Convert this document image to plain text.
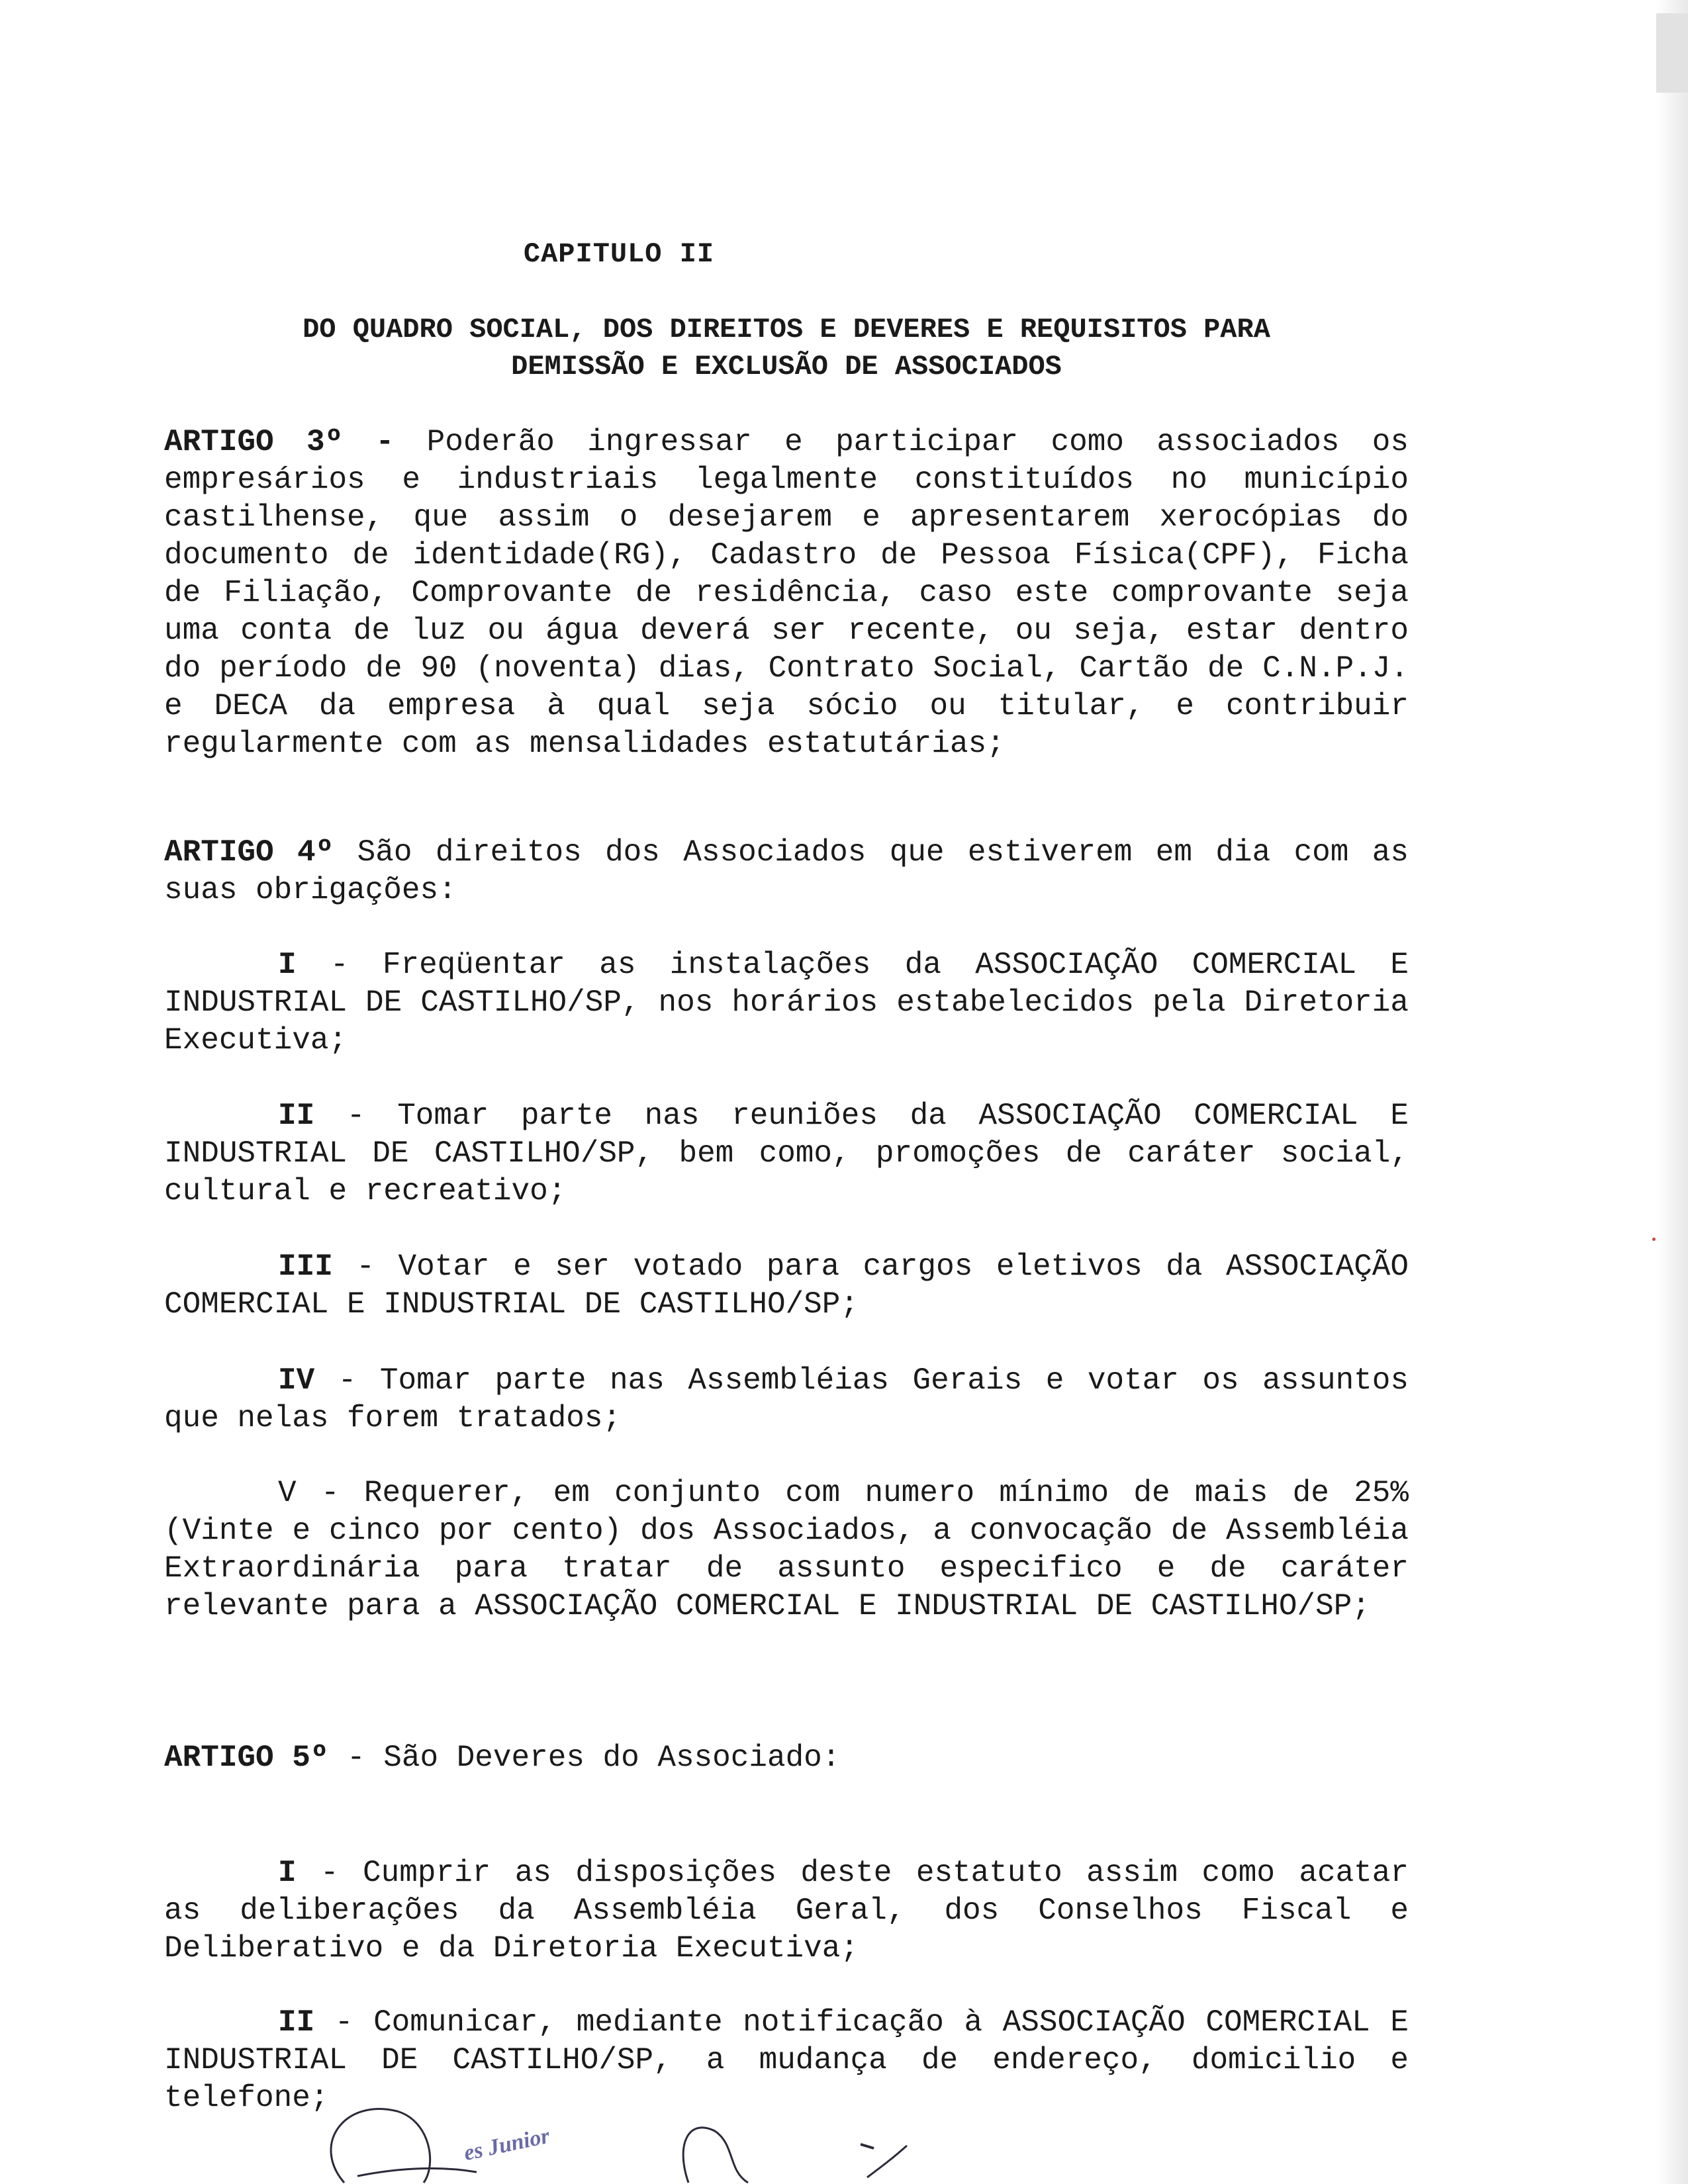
CAPITULO II
DO QUADRO SOCIAL, DOS DIREITOS E DEVERES E REQUISITOS PARA
DEMISSÃO E EXCLUSÃO DE ASSOCIADOS
ARTIGO 3º - Poderão ingressar e participar como associados os empresários e industriais legalmente constituídos no município castilhense, que assim o desejarem e apresentarem xerocópias do documento de identidade(RG), Cadastro de Pessoa Física(CPF), Ficha de Filiação, Comprovante de residência, caso este comprovante seja uma conta de luz ou água deverá ser recente, ou seja, estar dentro do período de 90 (noventa) dias, Contrato Social, Cartão de C.N.P.J. e DECA da empresa à qual seja sócio ou titular, e contribuir regularmente com as mensalidades estatutárias;
ARTIGO 4º São direitos dos Associados que estiverem em dia com as suas obrigações:
I - Freqüentar as instalações da ASSOCIAÇÃO COMERCIAL E INDUSTRIAL DE CASTILHO/SP, nos horários estabelecidos pela Diretoria Executiva;
II - Tomar parte nas reuniões da ASSOCIAÇÃO COMERCIAL E INDUSTRIAL DE CASTILHO/SP, bem como, promoções de caráter social, cultural e recreativo;
III - Votar e ser votado para cargos eletivos da ASSOCIAÇÃO COMERCIAL E INDUSTRIAL DE CASTILHO/SP;
IV - Tomar parte nas Assembléias Gerais e votar os assuntos que nelas forem tratados;
V - Requerer, em conjunto com numero mínimo de mais de 25%(Vinte e cinco por cento) dos Associados, a convocação de Assembléia Extraordinária para tratar de assunto especifico e de caráter relevante para a ASSOCIAÇÃO COMERCIAL E INDUSTRIAL DE CASTILHO/SP;
ARTIGO 5º - São Deveres do Associado:
I - Cumprir as disposições deste estatuto assim como acatar as deliberações da Assembléia Geral, dos Conselhos Fiscal e Deliberativo e da Diretoria Executiva;
II - Comunicar, mediante notificação à ASSOCIAÇÃO COMERCIAL E INDUSTRIAL DE CASTILHO/SP, a mudança de endereço, domicilio e telefone;
es Junior
